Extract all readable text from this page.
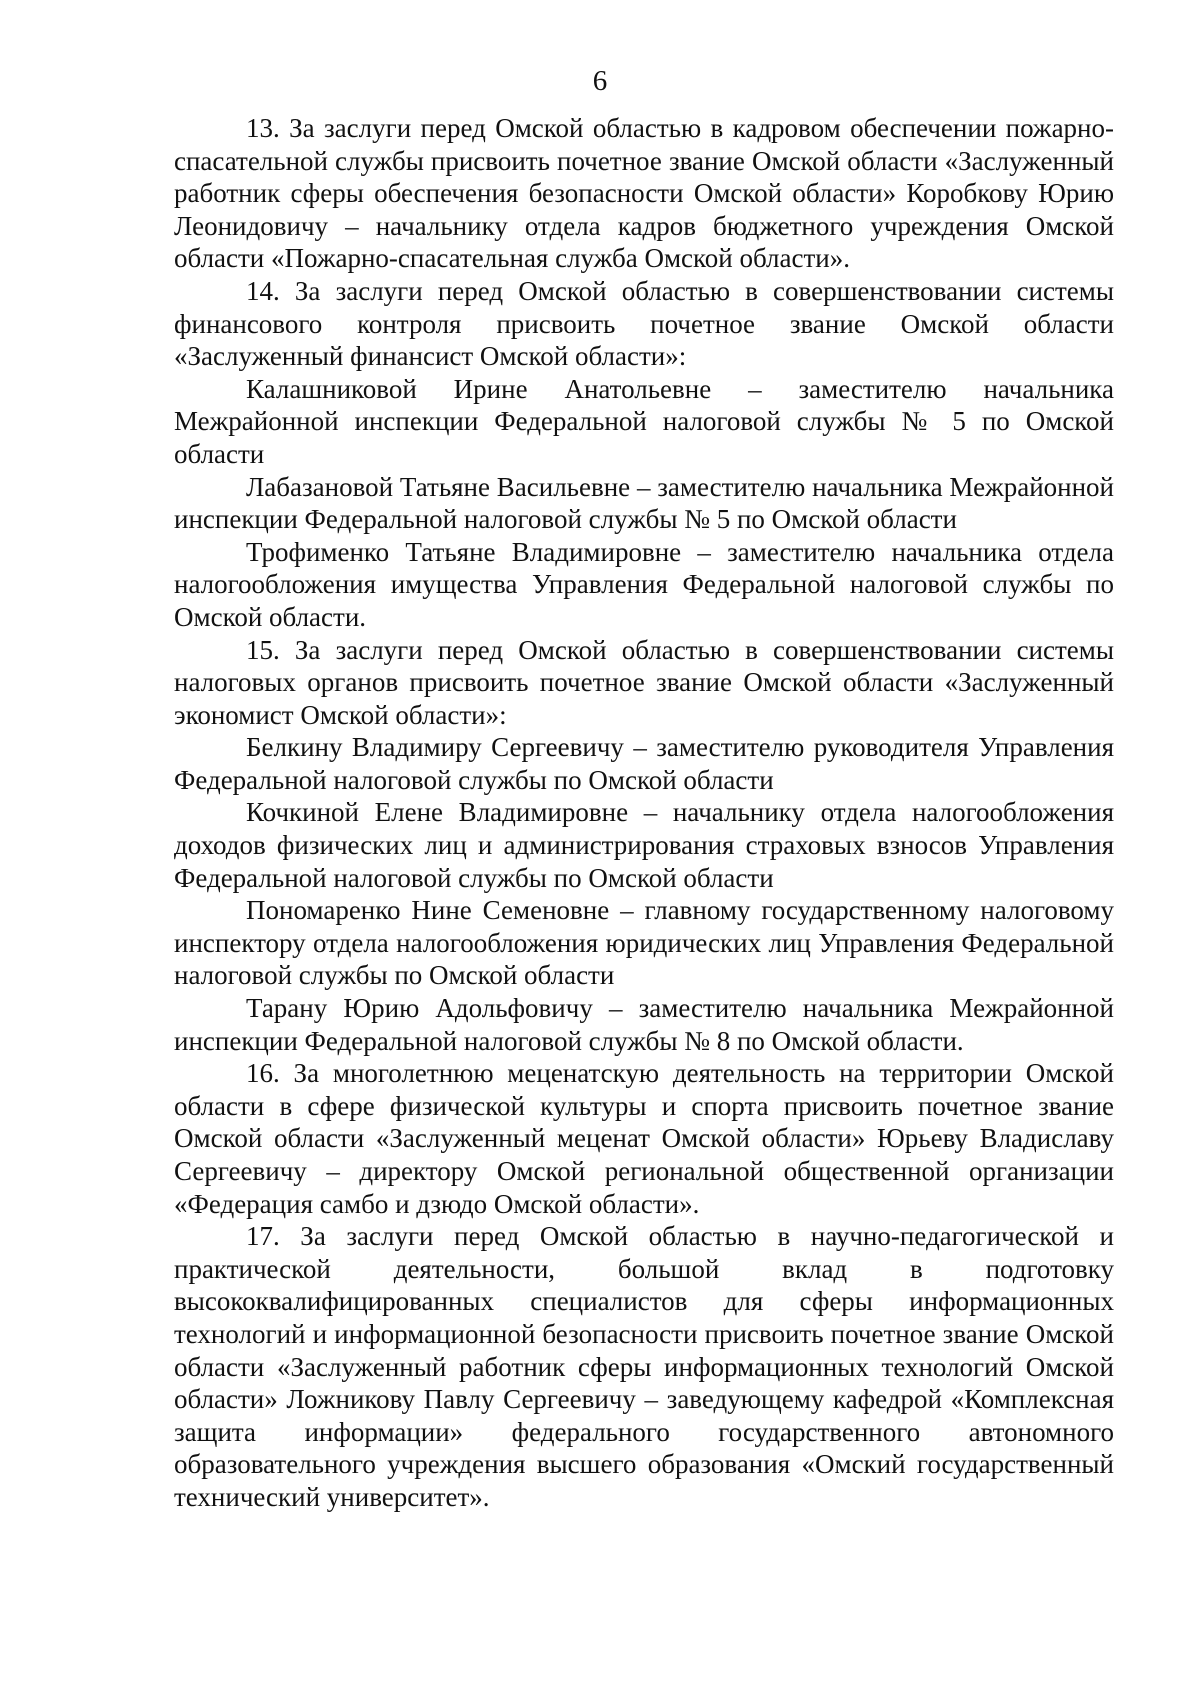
6

13. За заслуги перед Омской областью в кадровом обеспечении пожарно-спасательной службы присвоить почетное звание Омской области «Заслуженный работник сферы обеспечения безопасности Омской области» Коробкову Юрию Леонидовичу – начальнику отдела кадров бюджетного учреждения Омской области «Пожарно-спасательная служба Омской области».

14. За заслуги перед Омской областью в совершенствовании системы финансового контроля присвоить почетное звание Омской области «Заслуженный финансист Омской области»:

Калашниковой Ирине Анатольевне – заместителю начальника Межрайонной инспекции Федеральной налоговой службы № 5 по Омской области

Лабазановой Татьяне Васильевне – заместителю начальника Межрайонной инспекции Федеральной налоговой службы № 5 по Омской области

Трофименко Татьяне Владимировне – заместителю начальника отдела налогообложения имущества Управления Федеральной налоговой службы по Омской области.

15. За заслуги перед Омской областью в совершенствовании системы налоговых органов присвоить почетное звание Омской области «Заслуженный экономист Омской области»:

Белкину Владимиру Сергеевичу – заместителю руководителя Управления Федеральной налоговой службы по Омской области

Кочкиной Елене Владимировне – начальнику отдела налогообложения доходов физических лиц и администрирования страховых взносов Управления Федеральной налоговой службы по Омской области

Пономаренко Нине Семеновне – главному государственному налоговому инспектору отдела налогообложения юридических лиц Управления Федеральной налоговой службы по Омской области

Тарану Юрию Адольфовичу – заместителю начальника Межрайонной инспекции Федеральной налоговой службы № 8 по Омской области.

16. За многолетнюю меценатскую деятельность на территории Омской области в сфере физической культуры и спорта присвоить почетное звание Омской области «Заслуженный меценат Омской области» Юрьеву Владиславу Сергеевичу – директору Омской региональной общественной организации «Федерация самбо и дзюдо Омской области».

17. За заслуги перед Омской областью в научно-педагогической и практической деятельности, большой вклад в подготовку высококвалифицированных специалистов для сферы информационных технологий и информационной безопасности присвоить почетное звание Омской области «Заслуженный работник сферы информационных технологий Омской области» Ложникову Павлу Сергеевичу – заведующему кафедрой «Комплексная защита информации» федерального государственного автономного образовательного учреждения высшего образования «Омский государственный технический университет».
